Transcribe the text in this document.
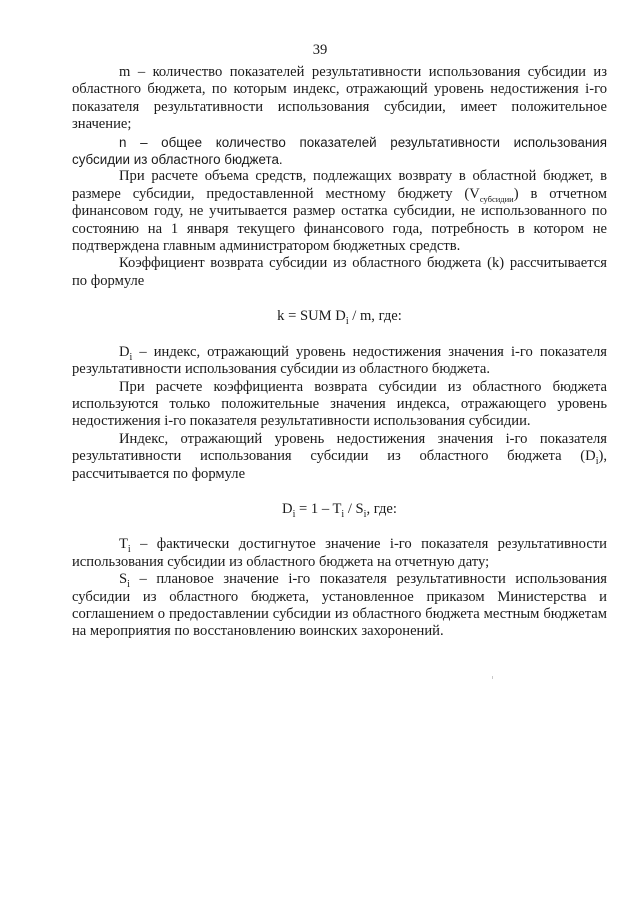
39

m – количество показателей результативности использования субсидии из областного бюджета, по которым индекс, отражающий уровень недостижения i-го показателя результативности использования субсидии, имеет положительное значение;

n – общее количество показателей результативности использования субсидии из областного бюджета.

При расчете объема средств, подлежащих возврату в областной бюджет, в размере субсидии, предоставленной местному бюджету $(V_{субсидии})$ в отчетном финансовом году, не учитывается размер остатка субсидии, не использованного по состоянию на 1 января текущего финансового года, потребность в котором не подтверждена главным администратором бюджетных средств.

Коэффициент возврата субсидии из областного бюджета (k) рассчитывается по формуле

k = SUM $D_i$ / m, где:

$D_i$ – индекс, отражающий уровень недостижения значения i-го показателя результативности использования субсидии из областного бюджета.

При расчете коэффициента возврата субсидии из областного бюджета используются только положительные значения индекса, отражающего уровень недостижения i-го показателя результативности использования субсидии.

Индекс, отражающий уровень недостижения значения i-го показателя результативности использования субсидии из областного бюджета $(D_i)$, рассчитывается по формуле

$D_i = 1 - T_i / S_i$, где:

$T_i$ – фактически достигнутое значение i-го показателя результативности использования субсидии из областного бюджета на отчетную дату;

$S_i$ – плановое значение i-го показателя результативности использования субсидии из областного бюджета, установленное приказом Министерства и соглашением о предоставлении субсидии из областного бюджета местным бюджетам на мероприятия по восстановлению воинских захоронений.
